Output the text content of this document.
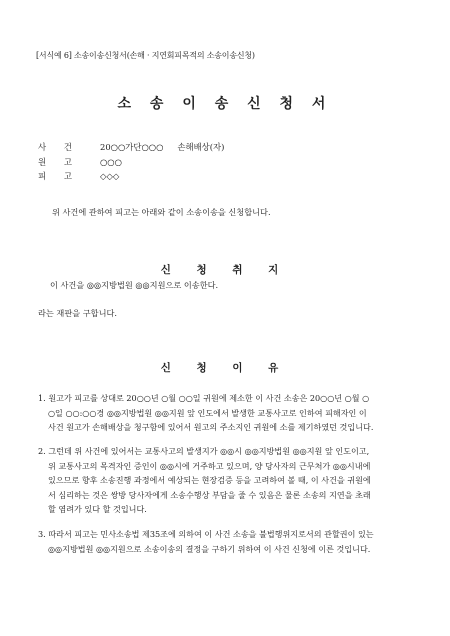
[서식예 6] 소송이송신청서(손해 · 지연회피목적의 소송이송신청)
소 송 이 송 신 청 서
사 건	20○○가단○○○ 손해배상(자)
원 고	○○○
피 고	◇◇◇
위 사건에 관하여 피고는 아래와 같이 소송이송을 신청합니다.
신 청 취 지
이 사건을 ◎◎지방법원 ◎◎지원으로 이송한다.
라는 재판을 구합니다.
신 청 이 유
1. 원고가 피고를 상대로 20○○년 ○월 ○○일 귀원에 제소한 이 사건 소송은 20○○년 ○월 ○
○일 ○○:○○경 ◎◎지방법원 ◎◎지원 앞 인도에서 발생한 교통사고로 인하여 피해자인 이
사건 원고가 손해배상을 청구함에 있어서 원고의 주소지인 귀원에 소를 제기하였던 것입니다.
2. 그런데 위 사건에 있어서는 교통사고의 발생지가 ◎◎시 ◎◎지방법원 ◎◎지원 앞 인도이고,
위 교통사고의 목격자인 증인이 ◎◎시에 거주하고 있으며, 양 당사자의 근무처가 ◎◎시내에
있으므로 향후 소송진행 과정에서 예상되는 현장검증 등을 고려하여 볼 때, 이 사건을 귀원에
서 심리하는 것은 쌍방 당사자에게 소송수행상 부담을 줄 수 있음은 물론 소송의 지연을 초래
할 염려가 있다 할 것입니다.
3. 따라서 피고는 민사소송법 제35조에 의하여 이 사건 소송을 불법행위지로서의 관할권이 있는
◎◎지방법원 ◎◎지원으로 소송이송의 결정을 구하기 위하여 이 사건 신청에 이른 것입니다.
